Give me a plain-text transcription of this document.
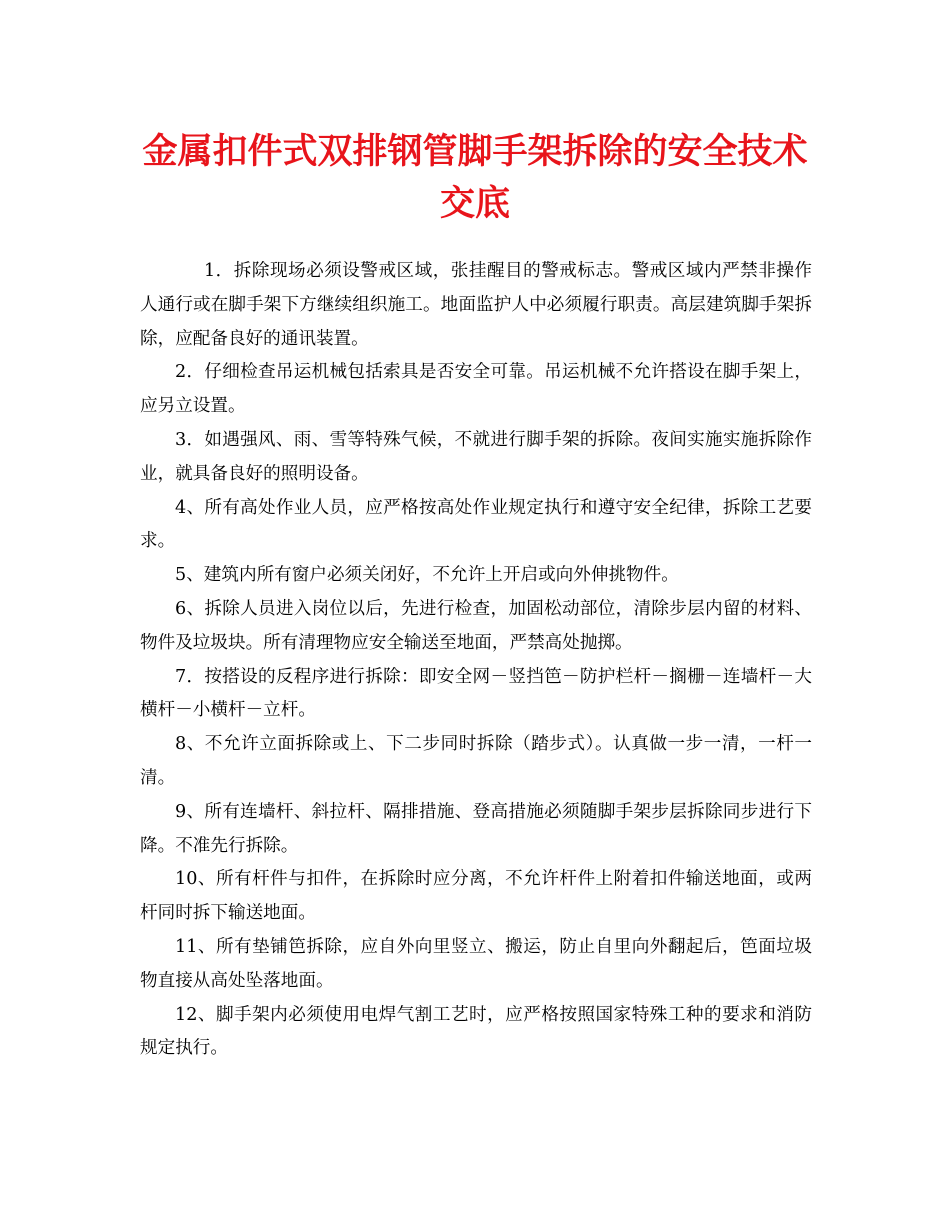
金属扣件式双排钢管脚手架拆除的安全技术
交底

1．拆除现场必须设警戒区域，张挂醒目的警戒标志。警戒区域内严禁非操作人通行或在脚手架下方继续组织施工。地面监护人中必须履行职责。高层建筑脚手架拆除，应配备良好的通讯装置。

2．仔细检查吊运机械包括索具是否安全可靠。吊运机械不允许搭设在脚手架上，应另立设置。

3．如遇强风、雨、雪等特殊气候，不就进行脚手架的拆除。夜间实施实施拆除作业，就具备良好的照明设备。

4、所有高处作业人员，应严格按高处作业规定执行和遵守安全纪律，拆除工艺要求。

5、建筑内所有窗户必须关闭好，不允许上开启或向外伸挑物件。

6、拆除人员进入岗位以后，先进行检查，加固松动部位，清除步层内留的材料、物件及垃圾块。所有清理物应安全输送至地面，严禁高处抛掷。

7．按搭设的反程序进行拆除：即安全网－竖挡笆－防护栏杆－搁栅－连墙杆－大横杆－小横杆－立杆。

8、不允许立面拆除或上、下二步同时拆除（踏步式）。认真做一步一清，一杆一清。

9、所有连墙杆、斜拉杆、隔排措施、登高措施必须随脚手架步层拆除同步进行下降。不准先行拆除。

10、所有杆件与扣件，在拆除时应分离，不允许杆件上附着扣件输送地面，或两杆同时拆下输送地面。

11、所有垫铺笆拆除，应自外向里竖立、搬运，防止自里向外翻起后，笆面垃圾物直接从高处坠落地面。

12、脚手架内必须使用电焊气割工艺时，应严格按照国家特殊工种的要求和消防规定执行。
